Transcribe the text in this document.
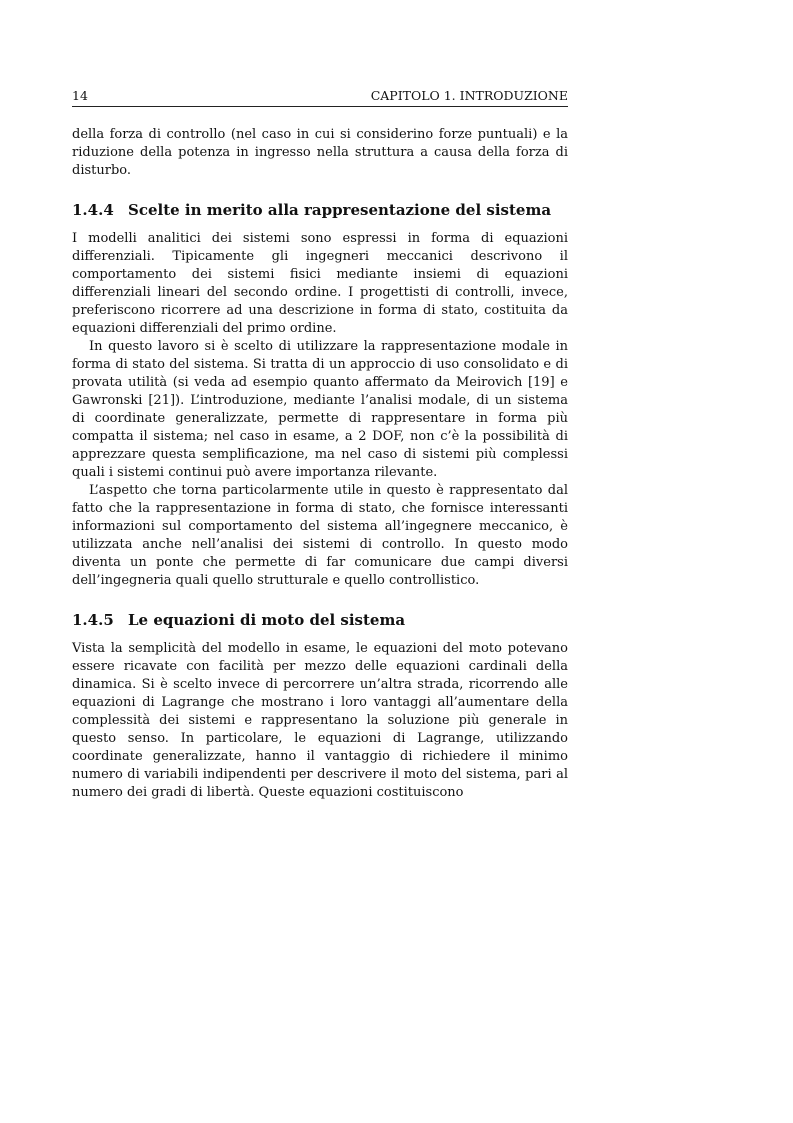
14	CAPITOLO 1. INTRODUZIONE

della forza di controllo (nel caso in cui si considerino forze puntuali) e la riduzione della potenza in ingresso nella struttura a causa della forza di disturbo.

1.4.4 Scelte in merito alla rappresentazione del sistema

I modelli analitici dei sistemi sono espressi in forma di equazioni differenziali. Tipicamente gli ingegneri meccanici descrivono il comportamento dei sistemi fisici mediante insiemi di equazioni differenziali lineari del secondo ordine. I progettisti di controlli, invece, preferiscono ricorrere ad una descrizione in forma di stato, costituita da equazioni differenziali del primo ordine.

In questo lavoro si è scelto di utilizzare la rappresentazione modale in forma di stato del sistema. Si tratta di un approccio di uso consolidato e di provata utilità (si veda ad esempio quanto affermato da Meirovich [19] e Gawronski [21]). L’introduzione, mediante l’analisi modale, di un sistema di coordinate generalizzate, permette di rappresentare in forma più compatta il sistema; nel caso in esame, a 2 DOF, non c’è la possibilità di apprezzare questa semplificazione, ma nel caso di sistemi più complessi quali i sistemi continui può avere importanza rilevante.

L’aspetto che torna particolarmente utile in questo è rappresentato dal fatto che la rappresentazione in forma di stato, che fornisce interessanti informazioni sul comportamento del sistema all’ingegnere meccanico, è utilizzata anche nell’analisi dei sistemi di controllo. In questo modo diventa un ponte che permette di far comunicare due campi diversi dell’ingegneria quali quello strutturale e quello controllistico.

1.4.5 Le equazioni di moto del sistema

Vista la semplicità del modello in esame, le equazioni del moto potevano essere ricavate con facilità per mezzo delle equazioni cardinali della dinamica. Si è scelto invece di percorrere un’altra strada, ricorrendo alle equazioni di Lagrange che mostrano i loro vantaggi all’aumentare della complessità dei sistemi e rappresentano la soluzione più generale in questo senso. In particolare, le equazioni di Lagrange, utilizzando coordinate generalizzate, hanno il vantaggio di richiedere il minimo numero di variabili indipendenti per descrivere il moto del sistema, pari al numero dei gradi di libertà. Queste equazioni costituiscono
